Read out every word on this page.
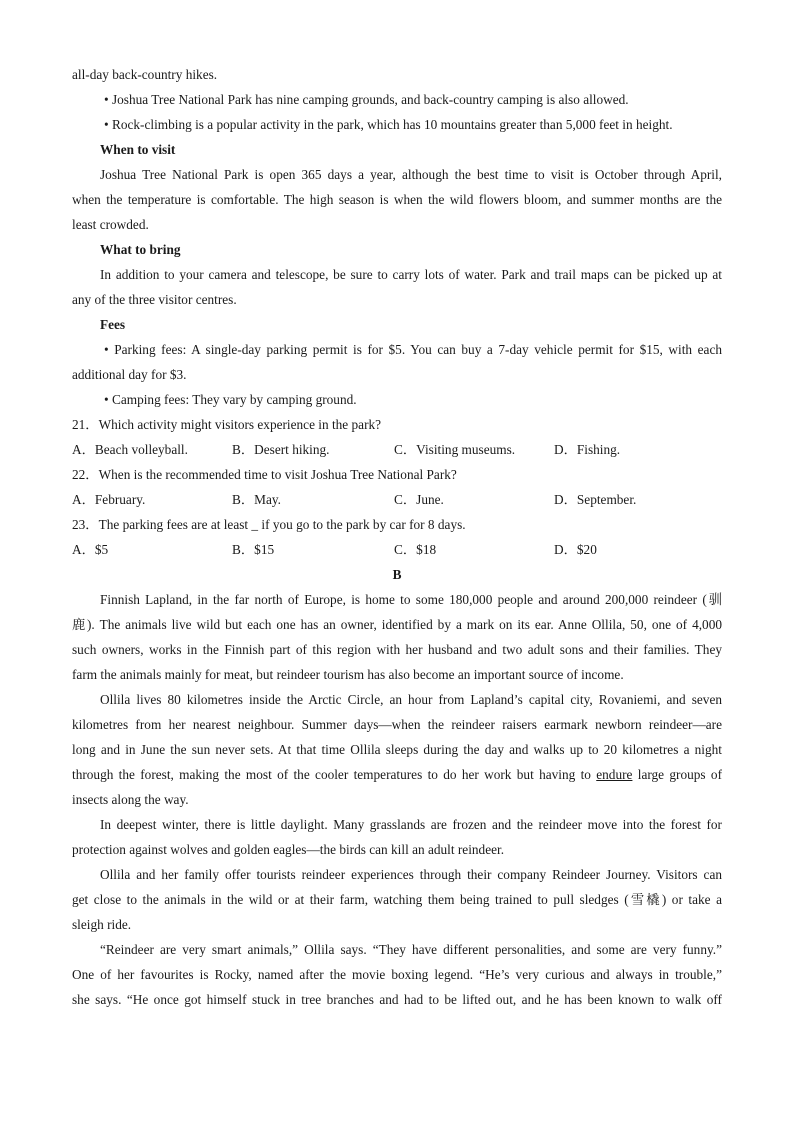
all-day back-country hikes.
• Joshua Tree National Park has nine camping grounds, and back-country camping is also allowed.
• Rock-climbing is a popular activity in the park, which has 10 mountains greater than 5,000 feet in height.
When to visit
Joshua Tree National Park is open 365 days a year, although the best time to visit is October through April,
when the temperature is comfortable. The high season is when the wild flowers bloom, and summer months are the
least crowded.
What to bring
In addition to your camera and telescope, be sure to carry lots of water. Park and trail maps can be picked up at
any of the three visitor centres.
Fees
• Parking fees: A single-day parking permit is for $5. You can buy a 7-day vehicle permit for $15, with each
additional day for $3.
• Camping fees: They vary by camping ground.
21．Which activity might visitors experience in the park?
A．Beach volleyball.	B．Desert hiking.	C．Visiting museums.	D．Fishing.
22．When is the recommended time to visit Joshua Tree National Park?
A．February.	B．May.	C．June.	D．September.
23．The parking fees are at least _ if you go to the park by car for 8 days.
A．$5	B．$15	C．$18	D．$20
B
Finnish Lapland, in the far north of Europe, is home to some 180,000 people and around 200,000 reindeer (驯
鹿). The animals live wild but each one has an owner, identified by a mark on its ear. Anne Ollila, 50, one of 4,000
such owners, works in the Finnish part of this region with her husband and two adult sons and their families. They
farm the animals mainly for meat, but reindeer tourism has also become an important source of income.
Ollila lives 80 kilometres inside the Arctic Circle, an hour from Lapland’s capital city, Rovaniemi, and seven
kilometres from her nearest neighbour. Summer days—when the reindeer raisers earmark newborn reindeer—are
long and in June the sun never sets. At that time Ollila sleeps during the day and walks up to 20 kilometres a night
through the forest, making the most of the cooler temperatures to do her work but having to endure large groups of
insects along the way.
In deepest winter, there is little daylight. Many grasslands are frozen and the reindeer move into the forest for
protection against wolves and golden eagles—the birds can kill an adult reindeer.
Ollila and her family offer tourists reindeer experiences through their company Reindeer Journey. Visitors can
get close to the animals in the wild or at their farm, watching them being trained to pull sledges (雪橇) or take a
sleigh ride.
“Reindeer are very smart animals,” Ollila says. “They have different personalities, and some are very funny.”
One of her favourites is Rocky, named after the movie boxing legend. “He’s very curious and always in trouble,”
she says. “He once got himself stuck in tree branches and had to be lifted out, and he has been known to walk off
